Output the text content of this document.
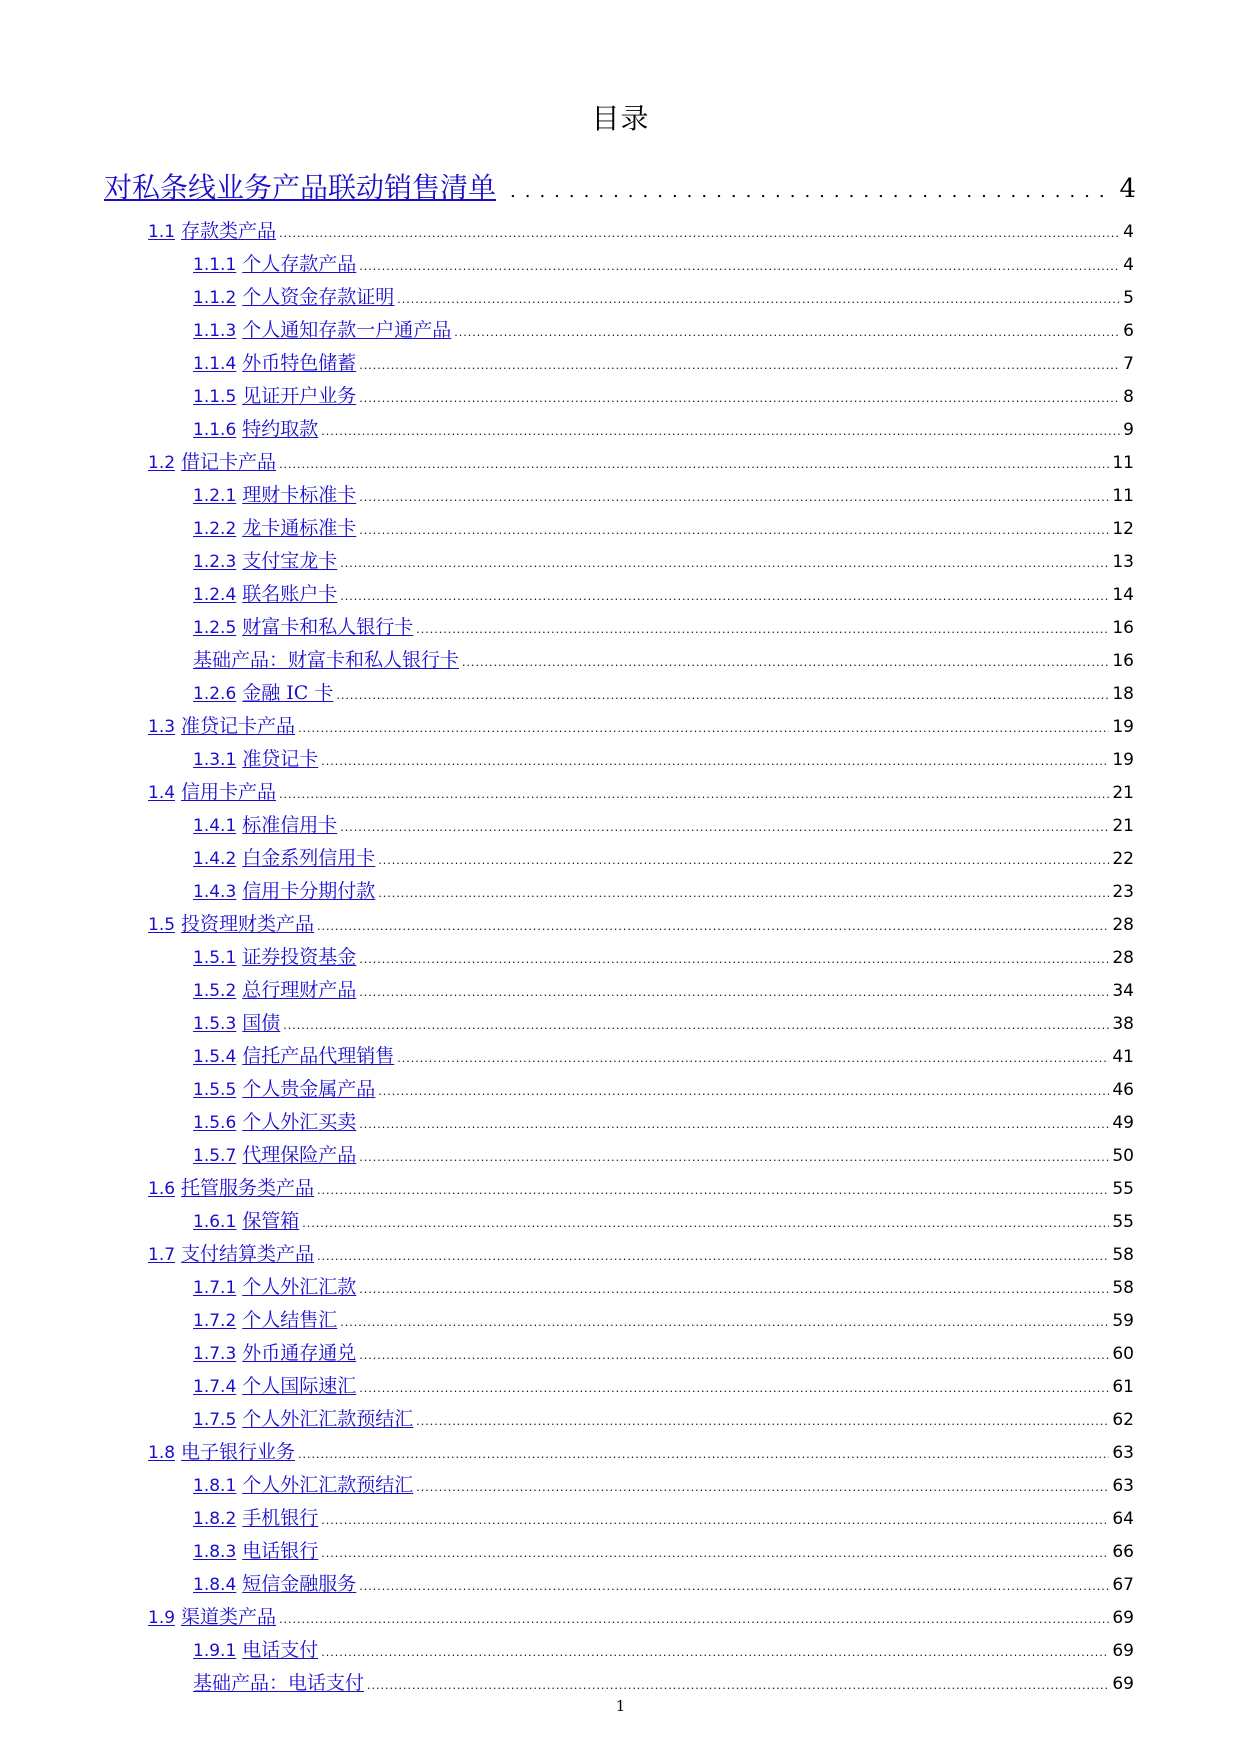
目录
对私条线业务产品联动销售清单 .....	4
1.1 存款类产品 .....	4
1.1.1 个人存款产品 .....	4
1.1.2 个人资金存款证明 .....	5
1.1.3 个人通知存款一户通产品 .....	6
1.1.4 外币特色储蓄 .....	7
1.1.5 见证开户业务 .....	8
1.1.6 特约取款 .....	9
1.2 借记卡产品 .....	11
1.2.1 理财卡标准卡 .....	11
1.2.2 龙卡通标准卡 .....	12
1.2.3 支付宝龙卡 .....	13
1.2.4 联名账户卡 .....	14
1.2.5 财富卡和私人银行卡 .....	16
基础产品：财富卡和私人银行卡 .....	16
1.2.6 金融 IC 卡 .....	18
1.3 准贷记卡产品 .....	19
1.3.1 准贷记卡 .....	19
1.4 信用卡产品 .....	21
1.4.1 标准信用卡 .....	21
1.4.2 白金系列信用卡 .....	22
1.4.3 信用卡分期付款 .....	23
1.5 投资理财类产品 .....	28
1.5.1 证券投资基金 .....	28
1.5.2 总行理财产品 .....	34
1.5.3 国债 .....	38
1.5.4 信托产品代理销售 .....	41
1.5.5 个人贵金属产品 .....	46
1.5.6 个人外汇买卖 .....	49
1.5.7 代理保险产品 .....	50
1.6 托管服务类产品 .....	55
1.6.1 保管箱 .....	55
1.7 支付结算类产品 .....	58
1.7.1 个人外汇汇款 .....	58
1.7.2 个人结售汇 .....	59
1.7.3 外币通存通兑 .....	60
1.7.4 个人国际速汇 .....	61
1.7.5 个人外汇汇款预结汇 .....	62
1.8 电子银行业务 .....	63
1.8.1 个人外汇汇款预结汇 .....	63
1.8.2 手机银行 .....	64
1.8.3 电话银行 .....	66
1.8.4 短信金融服务 .....	67
1.9 渠道类产品 .....	69
1.9.1 电话支付 .....	69
基础产品：电话支付 .....	69
1
